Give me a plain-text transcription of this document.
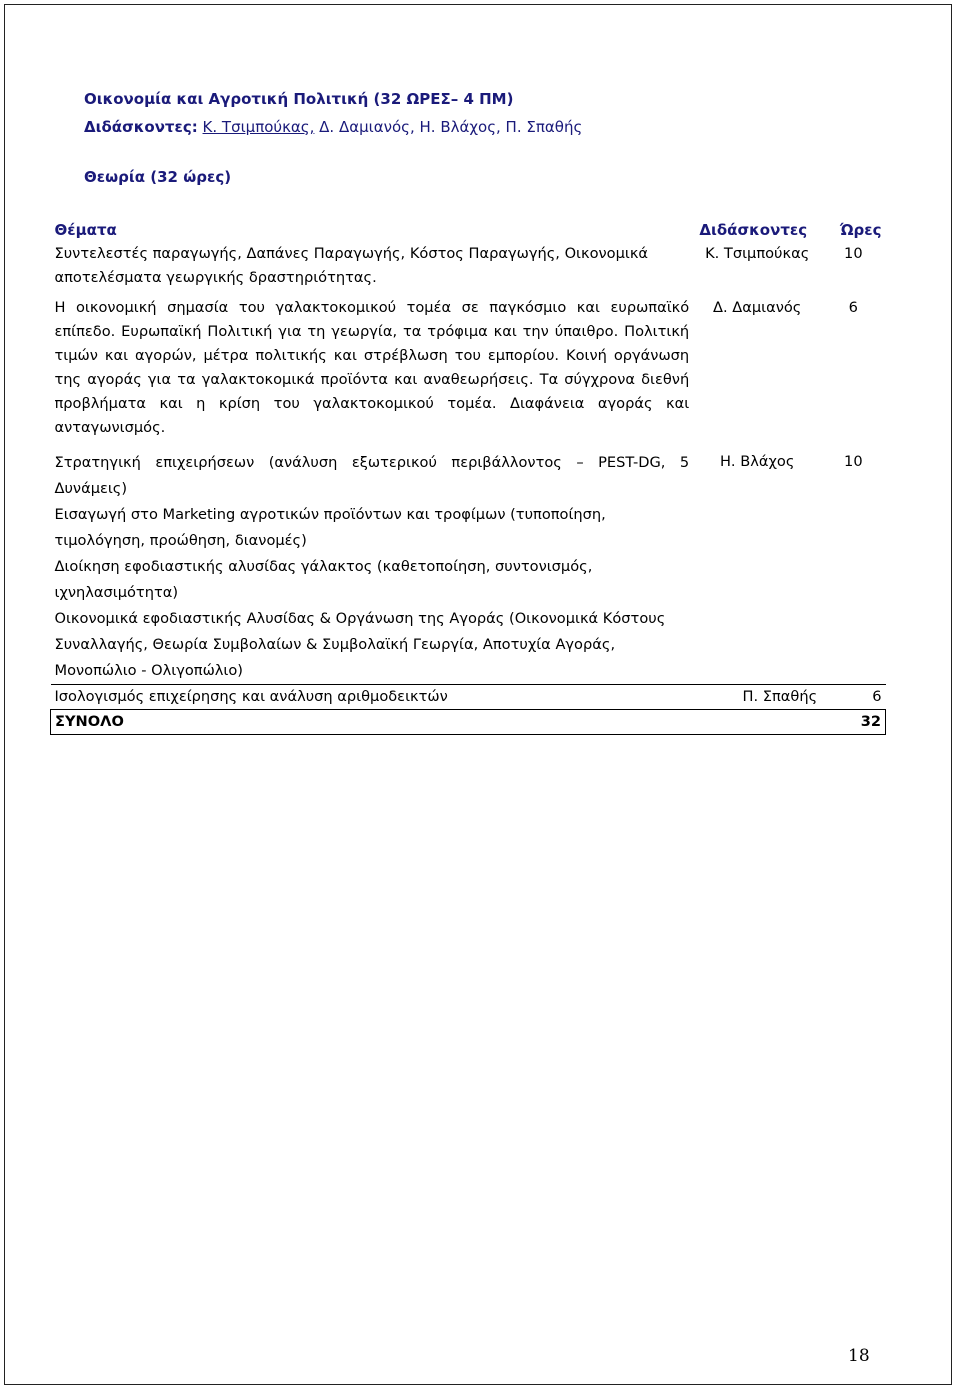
Οικονομία και Αγροτική Πολιτική (32 ΩΡΕΣ– 4 ΠΜ)
Διδάσκοντες: Κ. Τσιμπούκας, Δ. Δαμιανός, Η. Βλάχος, Π. Σπαθής
Θεωρία (32 ώρες)
Θέματα	Διδάσκοντες	Ώρες
Συντελεστές παραγωγής, Δαπάνες Παραγωγής, Κόστος Παραγωγής, Οικονομικά αποτελέσματα γεωργικής δραστηριότητας.	Κ. Τσιμπούκας	10
Η οικονομική σημασία του γαλακτοκομικού τομέα σε παγκόσμιο και ευρωπαϊκό επίπεδο. Ευρωπαϊκή Πολιτική για τη γεωργία, τα τρόφιμα και την ύπαιθρο. Πολιτική τιμών και αγορών, μέτρα πολιτικής και στρέβλωση του εμπορίου. Κοινή οργάνωση της αγοράς για τα γαλακτοκομικά προϊόντα και αναθεωρήσεις. Τα σύγχρονα διεθνή προβλήματα και η κρίση του γαλακτοκομικού τομέα. Διαφάνεια αγοράς και ανταγωνισμός.	Δ. Δαμιανός	6

Στρατηγική επιχειρήσεων (ανάλυση εξωτερικού περιβάλλοντος – PEST-DG, 5 Δυνάμεις)
Εισαγωγή στο Marketing αγροτικών προϊόντων και τροφίμων (τυποποίηση, τιμολόγηση, προώθηση, διανομές)
Διοίκηση εφοδιαστικής αλυσίδας γάλακτος (καθετοποίηση, συντονισμός, ιχνηλασιμότητα)
Οικονομικά εφοδιαστικής Αλυσίδας & Οργάνωση της Αγοράς (Οικονομικά Κόστους Συναλλαγής, Θεωρία Συμβολαίων & Συμβολαϊκή Γεωργία, Αποτυχία Αγοράς, Μονοπώλιο - Ολιγοπώλιο)	Η. Βλάχος	10
Ισολογισμός επιχείρησης και ανάλυση αριθμοδεικτών	Π. Σπαθής	6
ΣΥΝΟΛΟ		32
18
